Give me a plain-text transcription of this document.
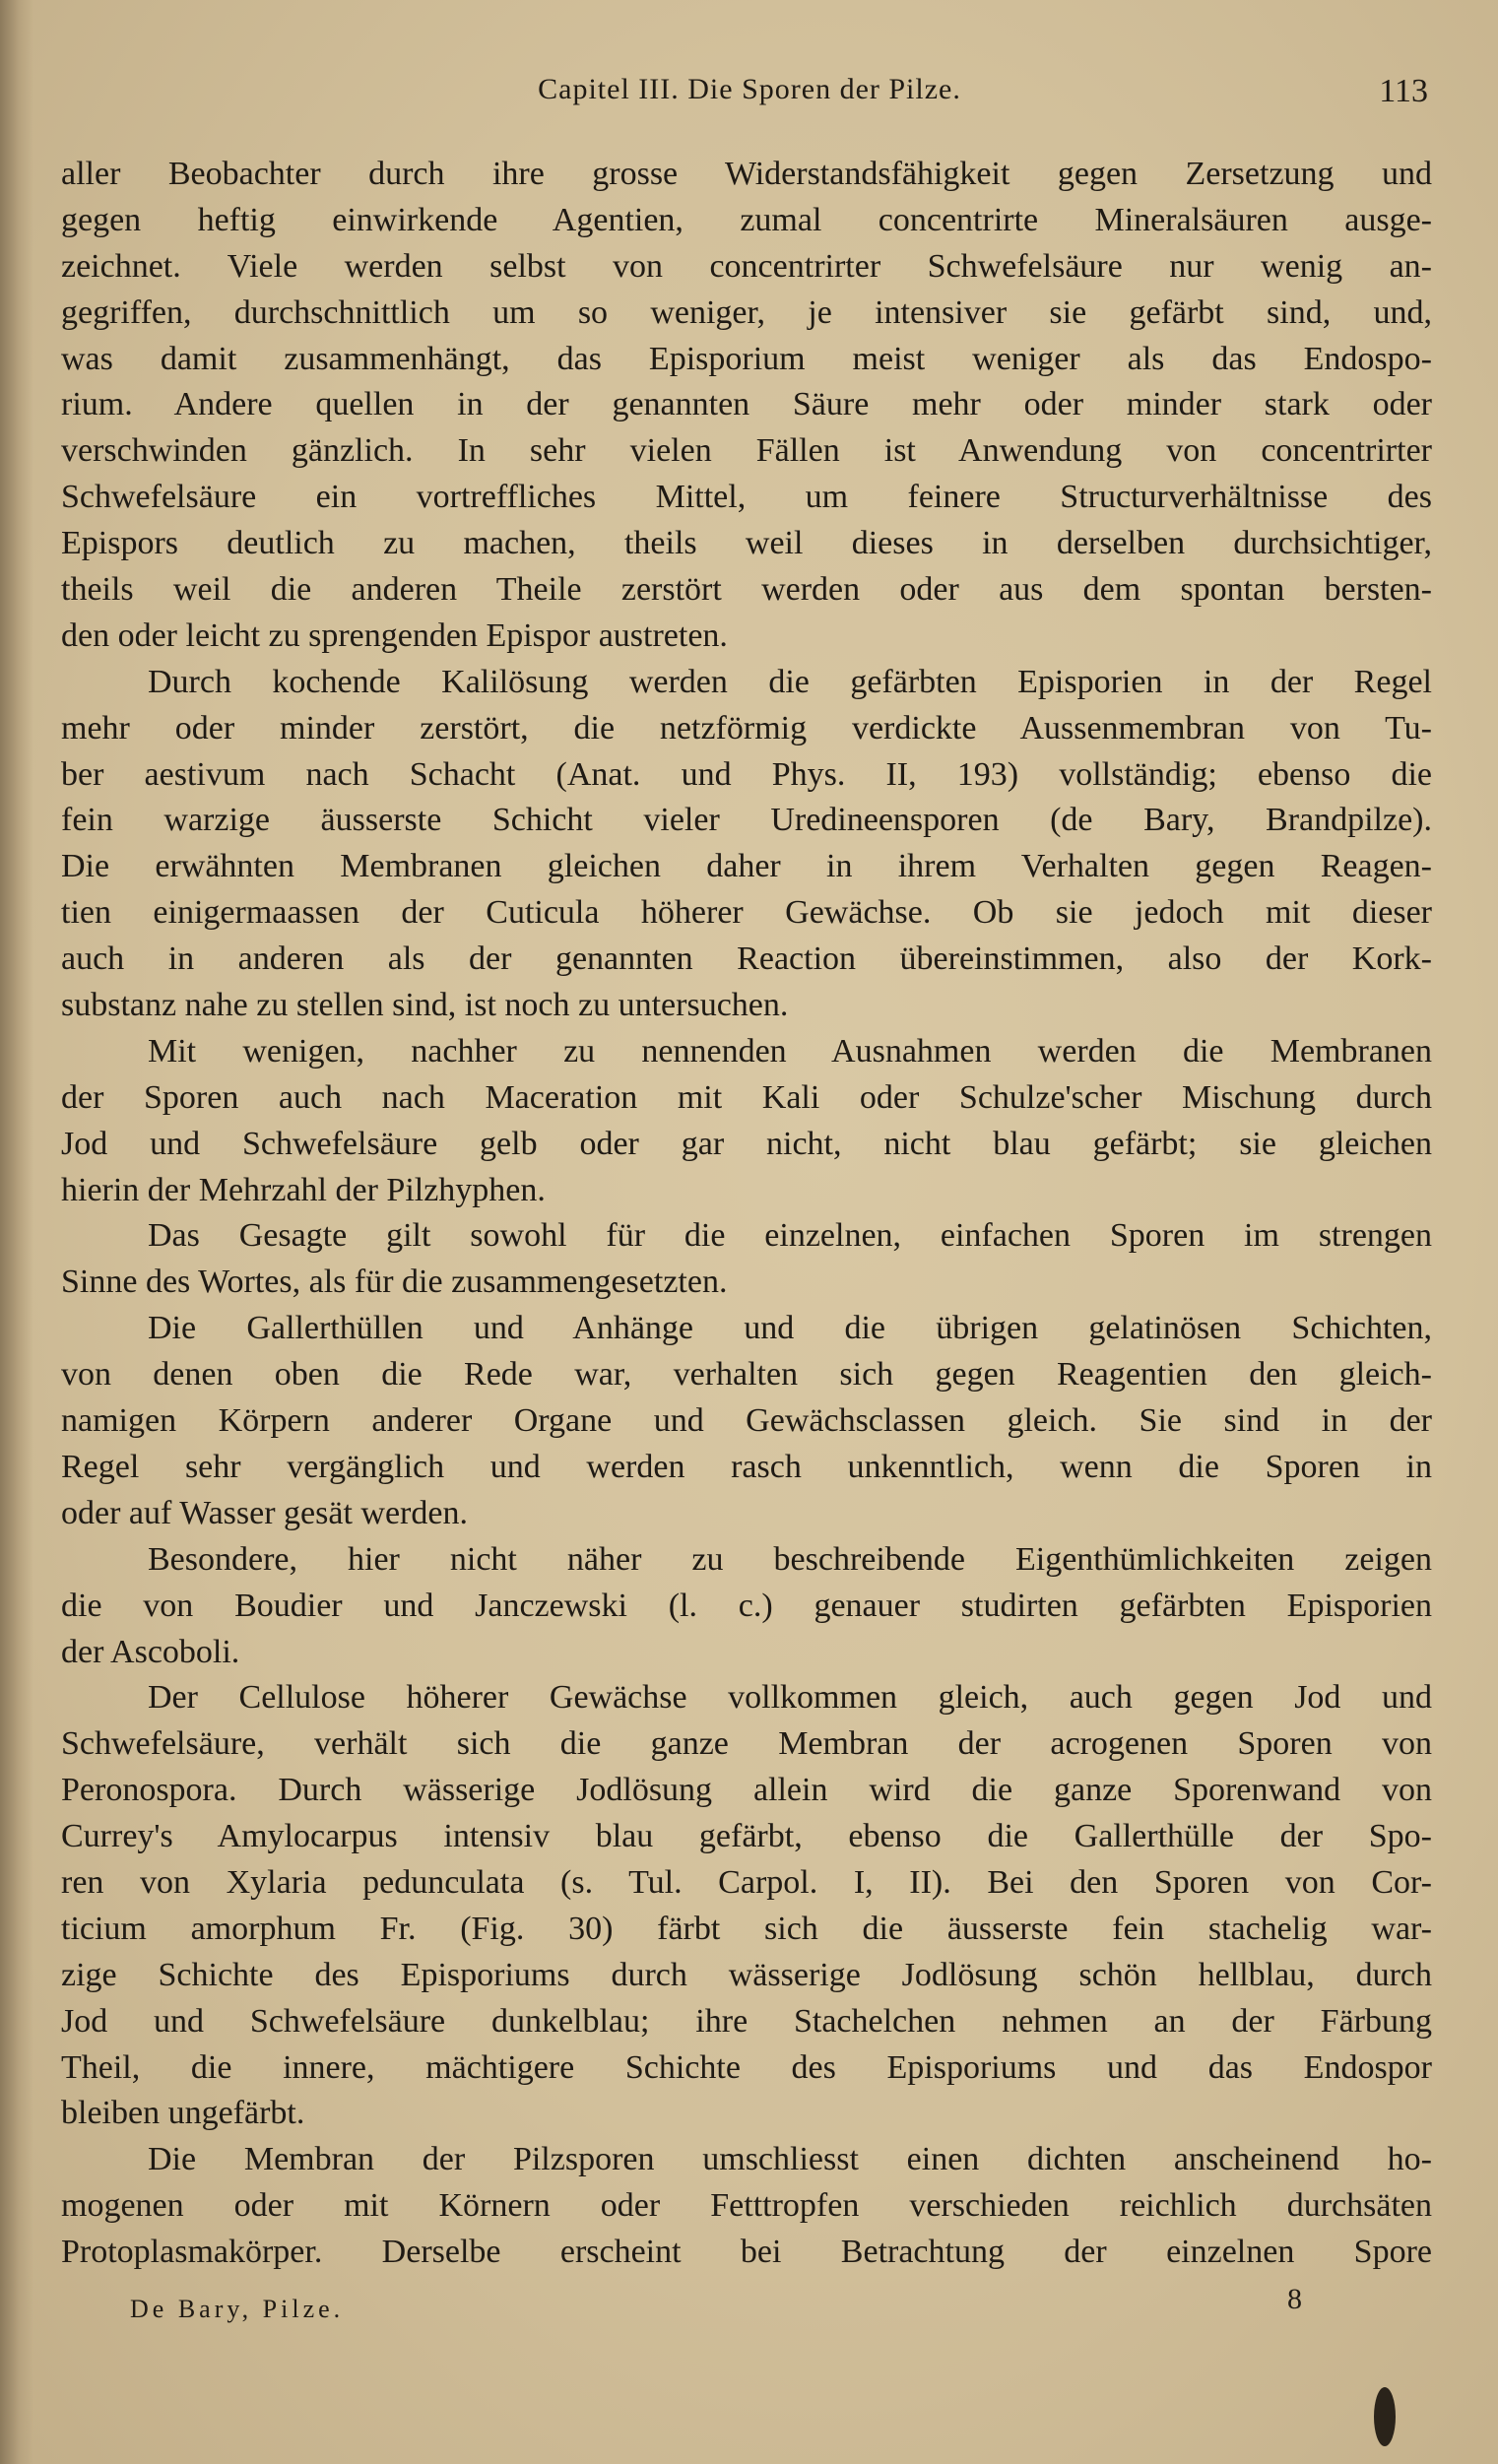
Capitel III. Die Sporen der Pilze.	113
aller Beobachter durch ihre grosse Widerstandsfähigkeit gegen Zersetzung und
gegen heftig einwirkende Agentien, zumal concentrirte Mineralsäuren ausge-
zeichnet. Viele werden selbst von concentrirter Schwefelsäure nur wenig an-
gegriffen, durchschnittlich um so weniger, je intensiver sie gefärbt sind, und,
was damit zusammenhängt, das Episporium meist weniger als das Endospo-
rium. Andere quellen in der genannten Säure mehr oder minder stark oder
verschwinden gänzlich. In sehr vielen Fällen ist Anwendung von concentrirter
Schwefelsäure ein vortreffliches Mittel, um feinere Structurverhältnisse des
Epispors deutlich zu machen, theils weil dieses in derselben durchsichtiger,
theils weil die anderen Theile zerstört werden oder aus dem spontan bersten-
den oder leicht zu sprengenden Epispor austreten.
Durch kochende Kalilösung werden die gefärbten Episporien in der Regel
mehr oder minder zerstört, die netzförmig verdickte Aussenmembran von Tu-
ber aestivum nach Schacht (Anat. und Phys. II, 193) vollständig; ebenso die
fein warzige äusserste Schicht vieler Uredineensporen (de Bary, Brandpilze).
Die erwähnten Membranen gleichen daher in ihrem Verhalten gegen Reagen-
tien einigermaassen der Cuticula höherer Gewächse. Ob sie jedoch mit dieser
auch in anderen als der genannten Reaction übereinstimmen, also der Kork-
substanz nahe zu stellen sind, ist noch zu untersuchen.
Mit wenigen, nachher zu nennenden Ausnahmen werden die Membranen
der Sporen auch nach Maceration mit Kali oder Schulze'scher Mischung durch
Jod und Schwefelsäure gelb oder gar nicht, nicht blau gefärbt; sie gleichen
hierin der Mehrzahl der Pilzhyphen.
Das Gesagte gilt sowohl für die einzelnen, einfachen Sporen im strengen
Sinne des Wortes, als für die zusammengesetzten.
Die Gallerthüllen und Anhänge und die übrigen gelatinösen Schichten,
von denen oben die Rede war, verhalten sich gegen Reagentien den gleich-
namigen Körpern anderer Organe und Gewächsclassen gleich. Sie sind in der
Regel sehr vergänglich und werden rasch unkenntlich, wenn die Sporen in
oder auf Wasser gesät werden.
Besondere, hier nicht näher zu beschreibende Eigenthümlichkeiten zeigen
die von Boudier und Janczewski (l. c.) genauer studirten gefärbten Episporien
der Ascoboli.
Der Cellulose höherer Gewächse vollkommen gleich, auch gegen Jod und
Schwefelsäure, verhält sich die ganze Membran der acrogenen Sporen von
Peronospora. Durch wässerige Jodlösung allein wird die ganze Sporenwand von
Currey's Amylocarpus intensiv blau gefärbt, ebenso die Gallerthülle der Spo-
ren von Xylaria pedunculata (s. Tul. Carpol. I, II). Bei den Sporen von Cor-
ticium amorphum Fr. (Fig. 30) färbt sich die äusserste fein stachelig war-
zige Schichte des Episporiums durch wässerige Jodlösung schön hellblau, durch
Jod und Schwefelsäure dunkelblau; ihre Stachelchen nehmen an der Färbung
Theil, die innere, mächtigere Schichte des Episporiums und das Endospor
bleiben ungefärbt.
Die Membran der Pilzsporen umschliesst einen dichten anscheinend ho-
mogenen oder mit Körnern oder Fetttropfen verschieden reichlich durchsäten
Protoplasmakörper. Derselbe erscheint bei Betrachtung der einzelnen Spore
De Bary, Pilze.	8
